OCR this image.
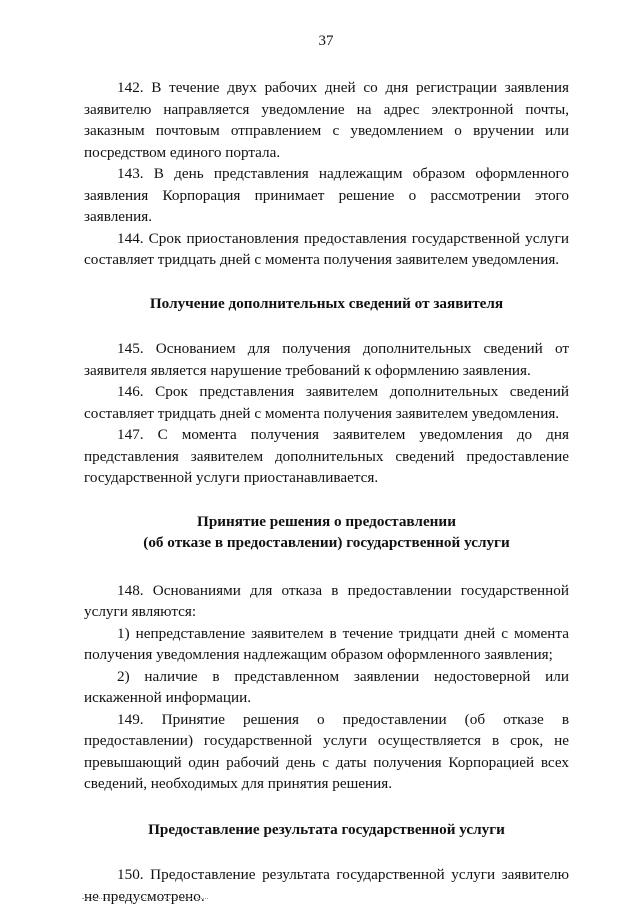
37

142. В течение двух рабочих дней со дня регистрации заявления заявителю направляется уведомление на адрес электронной почты, заказным почтовым отправлением с уведомлением о вручении или посредством единого портала.

143. В день представления надлежащим образом оформленного заявления Корпорация принимает решение о рассмотрении этого заявления.

144. Срок приостановления предоставления государственной услуги составляет тридцать дней с момента получения заявителем уведомления.

Получение дополнительных сведений от заявителя

145. Основанием для получения дополнительных сведений от заявителя является нарушение требований к оформлению заявления.

146. Срок представления заявителем дополнительных сведений составляет тридцать дней с момента получения заявителем уведомления.

147. С момента получения заявителем уведомления до дня представления заявителем дополнительных сведений предоставление государственной услуги приостанавливается.

Принятие решения о предоставлении
(об отказе в предоставлении) государственной услуги

148. Основаниями для отказа в предоставлении государственной услуги являются:

1) непредставление заявителем в течение тридцати дней с момента получения уведомления надлежащим образом оформленного заявления;

2) наличие в представленном заявлении недостоверной или искаженной информации.

149. Принятие решения о предоставлении (об отказе в предоставлении) государственной услуги осуществляется в срок, не превышающий один рабочий день с даты получения Корпорацией всех сведений, необходимых для принятия решения.

Предоставление результата государственной услуги

150. Предоставление результата государственной услуги заявителю не предусмотрено.
